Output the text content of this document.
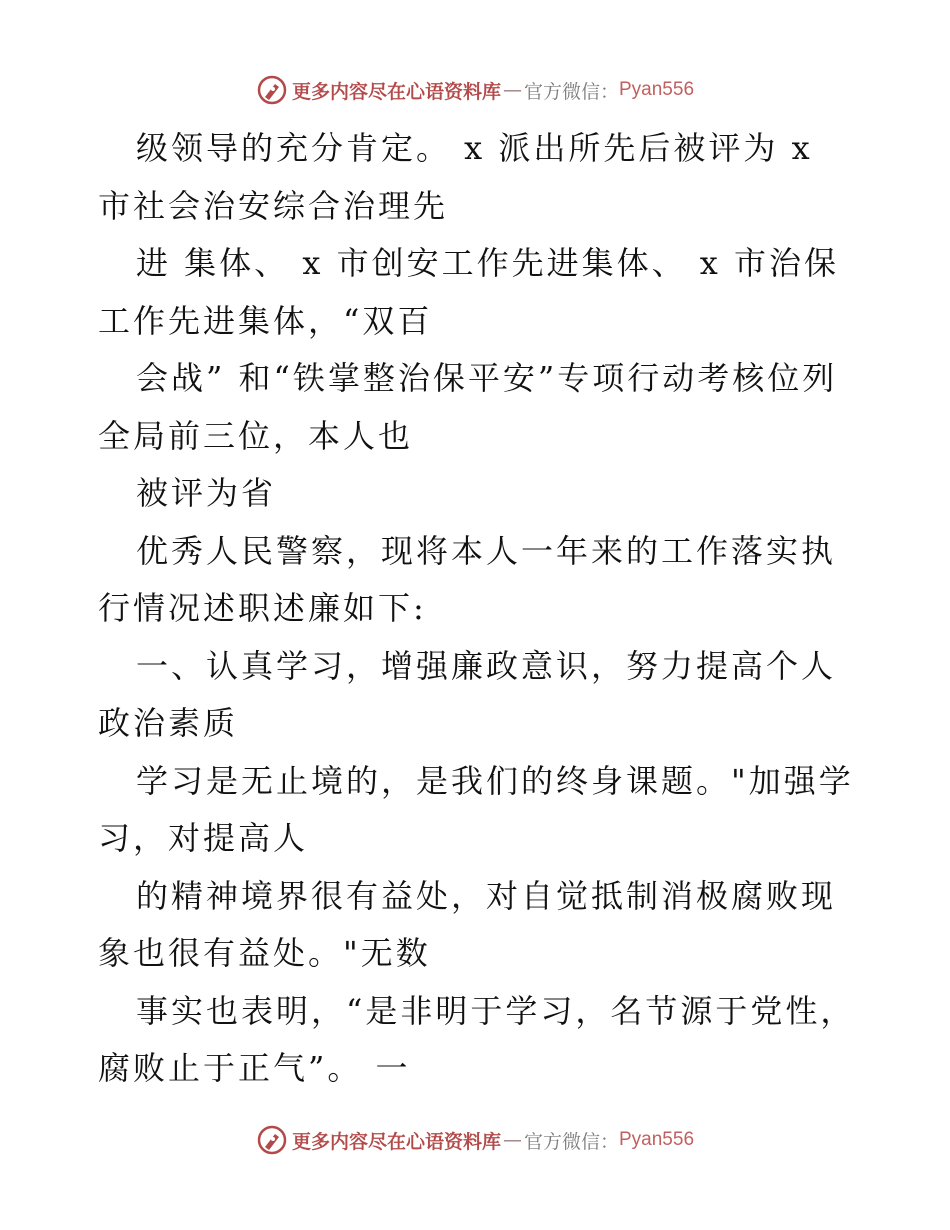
更多内容尽在心语资料库 — 官方微信： Pyan556

级领导的充分肯定。 x 派出所先后被评为 x 市社会治安综合治理先

进 集体、 x 市创安工作先进集体、 x 市治保工作先进集体，“双百

会战” 和“铁掌整治保平安”专项行动考核位列全局前三位，本人也

被评为省

优秀人民警察，现将本人一年来的工作落实执行情况述职述廉如下:

一、认真学习，增强廉政意识，努力提高个人政治素质

学习是无止境的，是我们的终身课题。"加强学习，对提高人

的精神境界很有益处，对自觉抵制消极腐败现象也很有益处。"无数

事实也表明，“是非明于学习，名节源于党性，腐败止于正气”。 一

更多内容尽在心语资料库 — 官方微信： Pyan556
